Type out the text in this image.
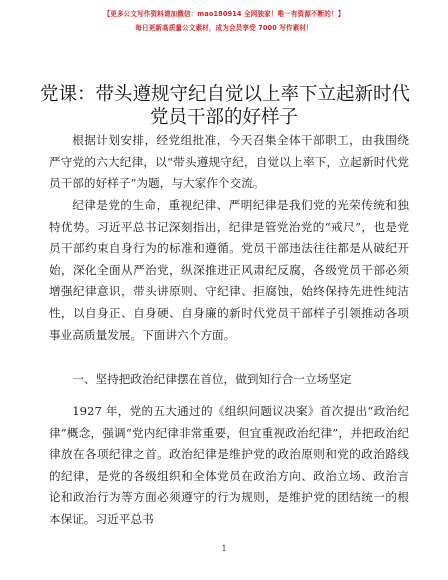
【更多公文写作资料请加微信：mao180914 全网独家！唯一有资源不断的！】
每日更新高质量公文素材，成为会员享受 7000 写作素材！
党课：带头遵规守纪自觉以上率下立起新时代
党员干部的好样子

根据计划安排，经党组批准，今天召集全体干部职工，由我围绕严守党的六大纪律，以“带头遵规守纪，自觉以上率下，立起新时代党员干部的好样子”为题，与大家作个交流。

纪律是党的生命，重视纪律、严明纪律是我们党的光荣传统和独特优势。习近平总书记深刻指出，纪律是管党治党的“戒尺”，也是党员干部约束自身行为的标准和遵循。党员干部违法往往都是从破纪开始，深化全面从严治党，纵深推进正风肃纪反腐，各级党员干部必须增强纪律意识，带头讲原则、守纪律、拒腐蚀，始终保持先进性纯洁性，以自身正、自身硬、自身廉的新时代党员干部样子引领推动各项事业高质量发展。下面讲六个方面。

一、坚持把政治纪律摆在首位，做到知行合一立场坚定

1927 年，党的五大通过的《组织问题议决案》首次提出“政治纪律”概念，强调“党内纪律非常重要，但宜重视政治纪律”，并把政治纪律放在各项纪律之首。政治纪律是维护党的政治原则和党的政治路线的纪律，是党的各级组织和全体党员在政治方向、政治立场、政治言论和政治行为等方面必须遵守的行为规则，是维护党的团结统一的根本保证。习近平总书

1
